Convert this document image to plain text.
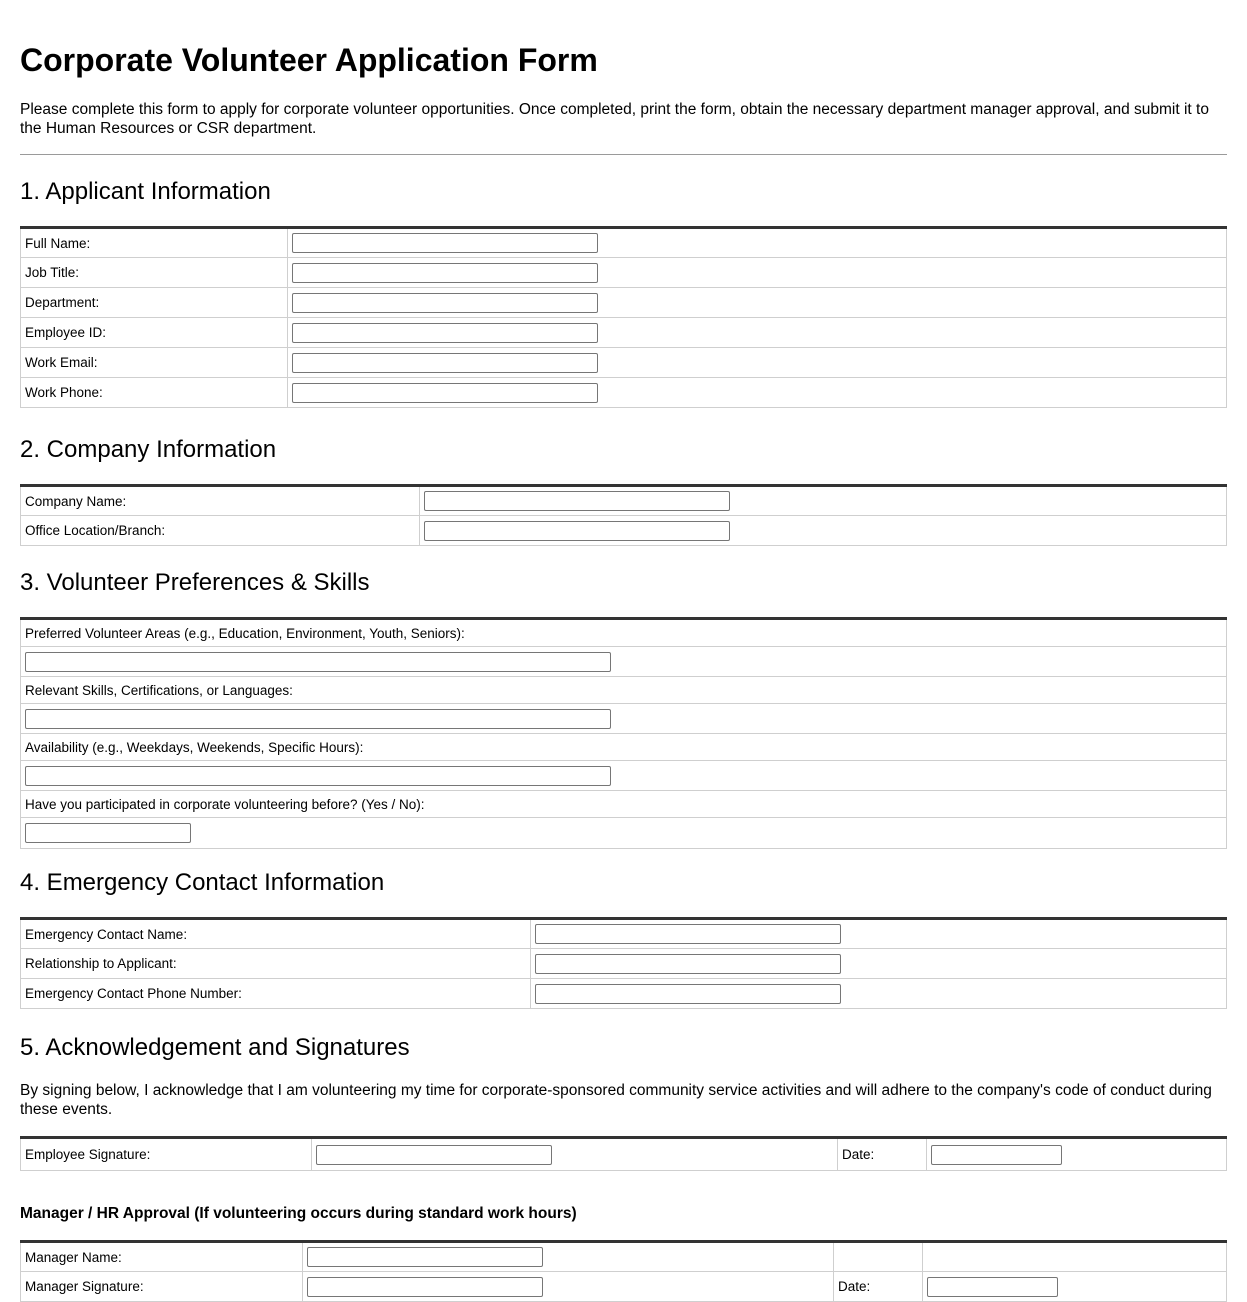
Corporate Volunteer Application Form

Please complete this form to apply for corporate volunteer opportunities. Once completed, print the form, obtain the necessary department manager approval, and submit it to the Human Resources or CSR department.

1. Applicant Information
Full Name:	

Job Title:	

Department:	

Employee ID:	

Work Email:	

Work Phone:	
2. Company Information
Company Name:	

Office Location/Branch:	
3. Volunteer Preferences & Skills
Preferred Volunteer Areas (e.g., Education, Environment, Youth, Seniors):

Relevant Skills, Certifications, or Languages:

Availability (e.g., Weekdays, Weekends, Specific Hours):

Have you participated in corporate volunteering before? (Yes / No):

4. Emergency Contact Information
Emergency Contact Name:	

Relationship to Applicant:	

Emergency Contact Phone Number:	
5. Acknowledgement and Signatures

By signing below, I acknowledge that I am volunteering my time for corporate-sponsored community service activities and will adhere to the company's code of conduct during these events.

Employee Signature:		Date:	

Manager / HR Approval (If volunteering occurs during standard work hours)

Manager Name:	

Manager Signature:		Date:	
